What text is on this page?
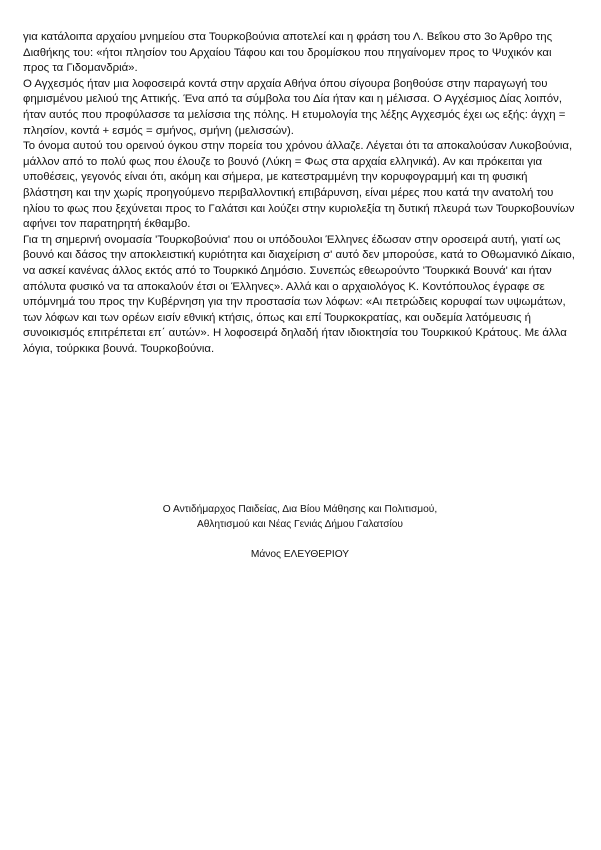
για κατάλοιπα αρχαίου μνημείου στα Τουρκοβούνια αποτελεί και η φράση του Λ. Βεΐκου στο 3ο Άρθρο της Διαθήκης του: «ήτοι πλησίον του Αρχαίου Τάφου και του δρομίσκου που πηγαίνομεν προς το Ψυχικόν και προς τα Γιδομανδριά».

Ο Αγχεσμός ήταν μια λοφοσειρά κοντά στην αρχαία Αθήνα όπου σίγουρα βοηθούσε στην παραγωγή του φημισμένου μελιού της Αττικής. Ένα από τα σύμβολα του Δία ήταν και η μέλισσα. Ο Αγχέσμιος Δίας λοιπόν, ήταν αυτός που προφύλασσε τα μελίσσια της πόλης. Η ετυμολογία της λέξης Αγχεσμός έχει ως εξής: άγχη = πλησίον, κοντά + εσμός = σμήνος, σμήνη (μελισσών).

Το όνομα αυτού του ορεινού όγκου στην πορεία του χρόνου άλλαζε. Λέγεται ότι τα αποκαλούσαν Λυκοβούνια, μάλλον από το πολύ φως που έλουζε το βουνό (Λύκη = Φως στα αρχαία ελληνικά). Αν και πρόκειται για υποθέσεις, γεγονός είναι ότι, ακόμη και σήμερα, με κατεστραμμένη την κορυφογραμμή και τη φυσική βλάστηση και την χωρίς προηγούμενο περιβαλλοντική επιβάρυνση, είναι μέρες που κατά την ανατολή του ηλίου το φως που ξεχύνεται προς το Γαλάτσι και λούζει στην κυριολεξία τη δυτική πλευρά των Τουρκοβουνίων αφήνει τον παρατηρητή έκθαμβο.

Για τη σημερινή ονομασία 'Τουρκοβούνια' που οι υπόδουλοι Έλληνες έδωσαν στην οροσειρά αυτή, γιατί ως βουνό και δάσος την αποκλειστική κυριότητα και διαχείριση σ' αυτό δεν μπορούσε, κατά το Οθωμανικό Δίκαιο, να ασκεί κανένας άλλος εκτός από το Τουρκικό Δημόσιο. Συνεπώς εθεωρούντο 'Τουρκικά Βουνά' και ήταν απόλυτα φυσικό να τα αποκαλούν έτσι οι Έλληνες». Αλλά και ο αρχαιολόγος Κ. Κοντόπουλος έγραφε σε υπόμνημά του προς την Κυβέρνηση για την προστασία των λόφων: «Αι πετρώδεις κορυφαί των υψωμάτων, των λόφων και των ορέων εισίν εθνική κτήσις, όπως και επί Τουρκοκρατίας, και ουδεμία λατόμευσις ή συνοικισμός επιτρέπεται επ΄ αυτών». Η λοφοσειρά δηλαδή ήταν ιδιοκτησία του Τουρκικού Κράτους. Με άλλα λόγια, τούρκικα βουνά. Τουρκοβούνια.

Ο Αντιδήμαρχος Παιδείας, Δια Βίου Μάθησης και Πολιτισμού,
Αθλητισμού και Νέας Γενιάς Δήμου Γαλατσίου
Μάνος ΕΛΕΥΘΕΡΙΟΥ
